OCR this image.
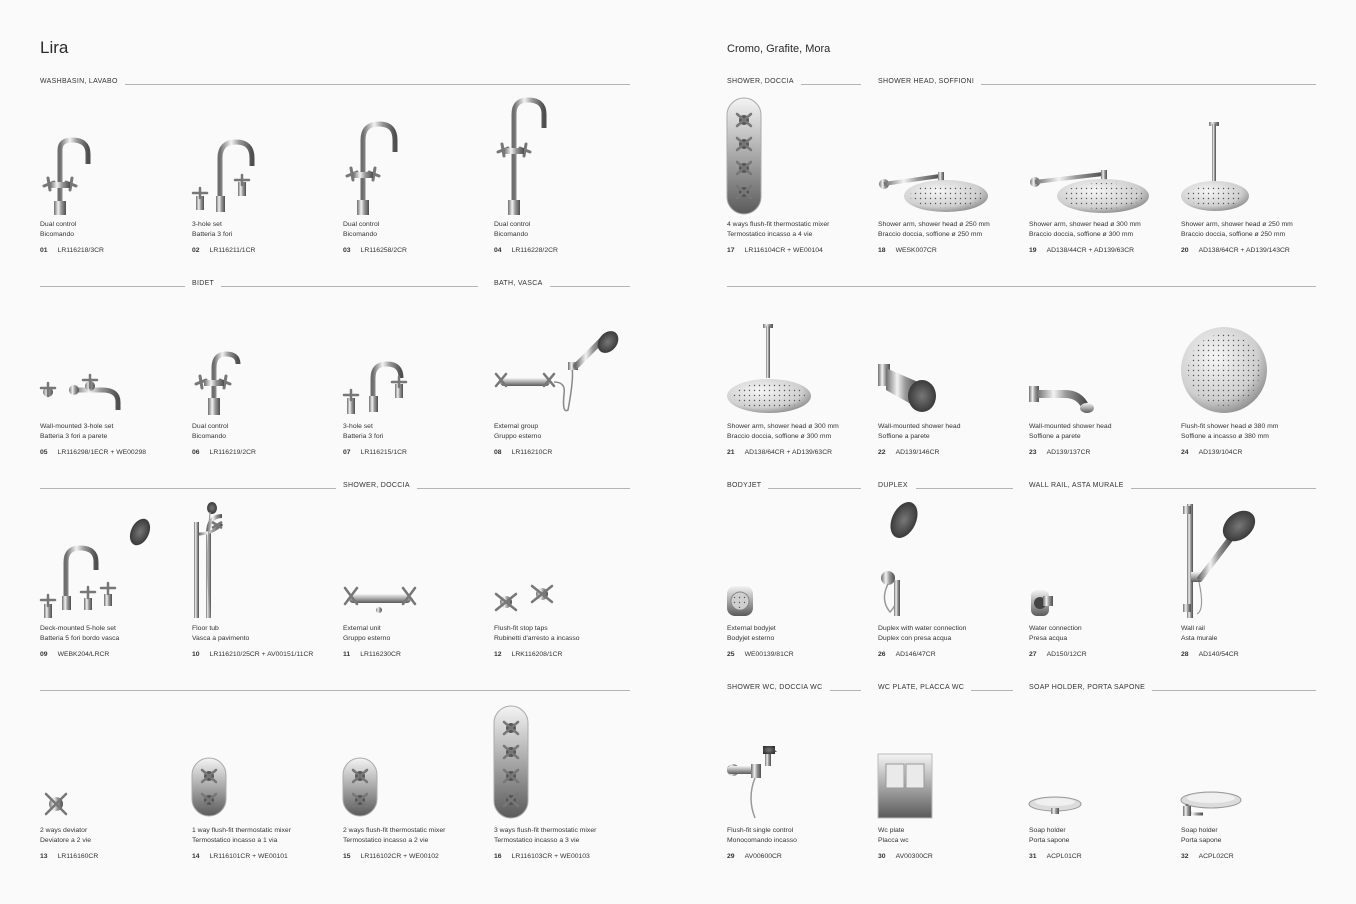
Lira	Cromo, Grafite, Mora
WASHBASIN, LAVABO
BIDET	BATH, VASCA
SHOWER, DOCCIA
SHOWER, DOCCIA	SHOWER HEAD, SOFFIONI
BODYJET	DUPLEX	WALL RAIL, ASTA MURALE
SHOWER WC, DOCCIA WC	WC PLATE, PLACCA WC	SOAP HOLDER, PORTA SAPONE
Dual control
Bicomando
01 LR116218/3CR
3-hole set
Batteria 3 fori
02 LR116211/1CR
Dual control
Bicomando
03 LR116258/2CR
Dual control
Bicomando
04 LR116228/2CR
Wall-mounted 3-hole set
Batteria 3 fori a parete
05 LR116298/1ECR + WE00298
Dual control
Bicomando
06 LR116219/2CR
3-hole set
Batteria 3 fori
07 LR116215/1CR
External group
Gruppo esterno
08 LR116210CR
Deck-mounted 5-hole set
Batteria 5 fori bordo vasca
09 WEBK204/LRCR
Floor tub
Vasca a pavimento
10 LR116210/25CR + AV00151/11CR
External unit
Gruppo esterno
11 LR116230CR
Flush-fit stop taps
Rubinetti d'arresto a incasso
12 LRK116208/1CR
2 ways deviator
Deviatore a 2 vie
13 LR116160CR
1 way flush-fit thermostatic mixer
Termostatico incasso a 1 via
14 LR116101CR + WE00101
2 ways flush-fit thermostatic mixer
Termostatico incasso a 2 vie
15 LR116102CR + WE00102
3 ways flush-fit thermostatic mixer
Termostatico incasso a 3 vie
16 LR116103CR + WE00103
4 ways flush-fit thermostatic mixer
Termostatico incasso a 4 vie
17 LR116104CR + WE00104
Shower arm, shower head ø 250 mm
Braccio doccia, soffione ø 250 mm
18 WESK007CR
Shower arm, shower head ø 300 mm
Braccio doccia, soffione ø 300 mm
19 AD138/44CR + AD139/63CR
Shower arm, shower head ø 250 mm
Braccio doccia, soffione ø 250 mm
20 AD138/64CR + AD139/143CR
Shower arm, shower head ø 300 mm
Braccio doccia, soffione ø 300 mm
21 AD138/64CR + AD139/63CR
Wall-mounted shower head
Soffione a parete
22 AD139/146CR
Wall-mounted shower head
Soffione a parete
23 AD139/137CR
Flush-fit shower head ø 380 mm
Soffione a incasso ø 380 mm
24 AD139/104CR
External bodyjet
Bodyjet esterno
25 WE00139/81CR
Duplex with water connection
Duplex con presa acqua
26 AD146/47CR
Water connection
Presa acqua
27 AD150/12CR
Wall rail
Asta murale
28 AD140/54CR
Flush-fit single control
Monocomando incasso
29 AV00600CR
Wc plate
Placca wc
30 AV00300CR
Soap holder
Porta sapone
31 ACPL01CR
Soap holder
Porta sapone
32 ACPL02CR
